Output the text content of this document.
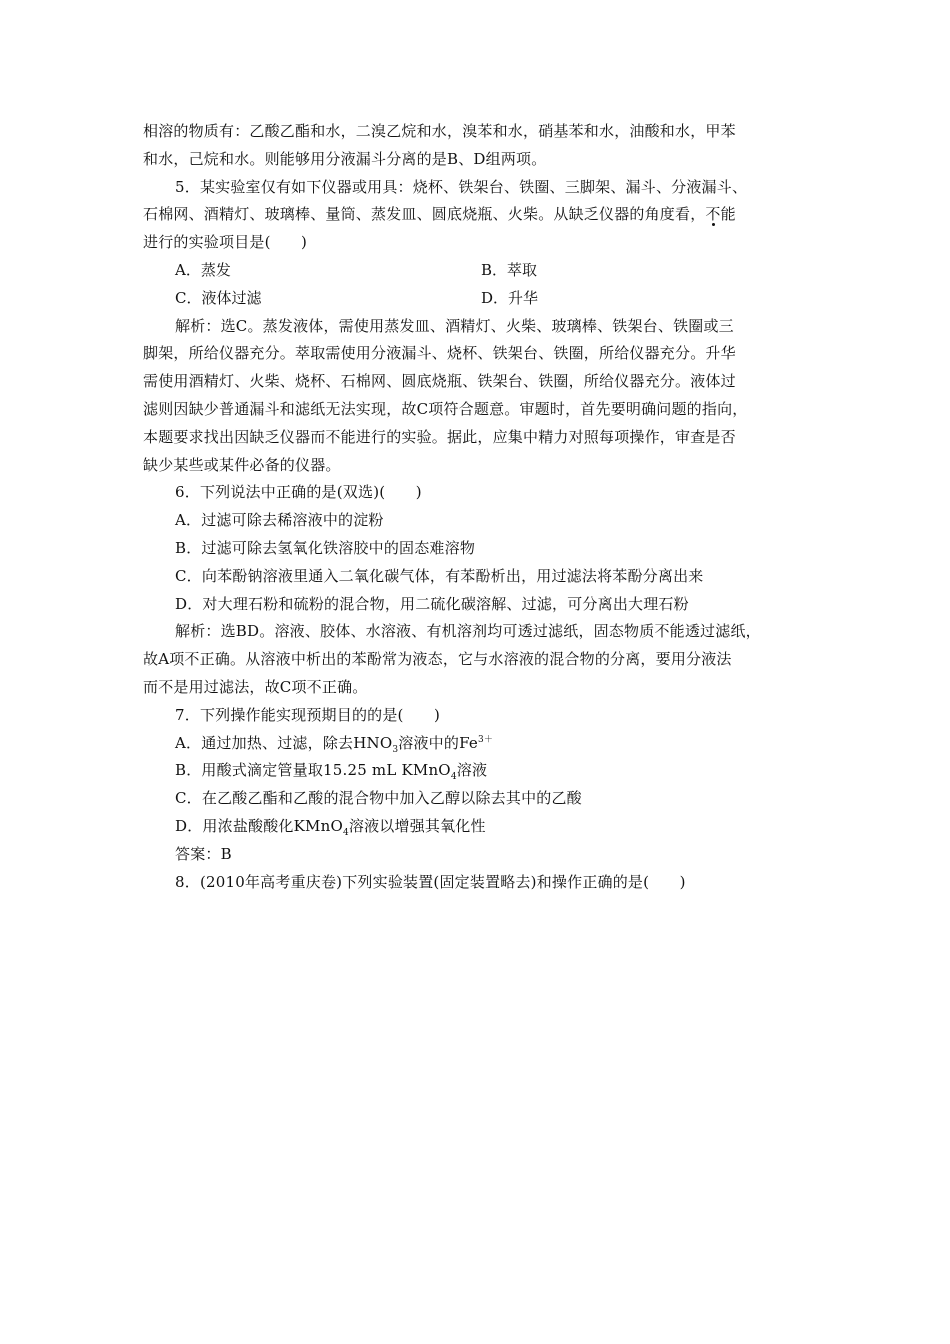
相溶的物质有：乙酸乙酯和水，二溴乙烷和水，溴苯和水，硝基苯和水，油酸和水，甲苯
和水，己烷和水。则能够用分液漏斗分离的是B、D组两项。
5．某实验室仅有如下仪器或用具：烧杯、铁架台、铁圈、三脚架、漏斗、分液漏斗、
石棉网、酒精灯、玻璃棒、量筒、蒸发皿、圆底烧瓶、火柴。从缺乏仪器的角度看，不能
进行的实验项目是(　　)
A．蒸发	B．萃取
C．液体过滤	D．升华
解析：选C。蒸发液体，需使用蒸发皿、酒精灯、火柴、玻璃棒、铁架台、铁圈或三
脚架，所给仪器充分。萃取需使用分液漏斗、烧杯、铁架台、铁圈，所给仪器充分。升华
需使用酒精灯、火柴、烧杯、石棉网、圆底烧瓶、铁架台、铁圈，所给仪器充分。液体过
滤则因缺少普通漏斗和滤纸无法实现，故C项符合题意。审题时，首先要明确问题的指向，
本题要求找出因缺乏仪器而不能进行的实验。据此，应集中精力对照每项操作，审查是否
缺少某些或某件必备的仪器。
6．下列说法中正确的是(双选)(　　)
A．过滤可除去稀溶液中的淀粉
B．过滤可除去氢氧化铁溶胶中的固态难溶物
C．向苯酚钠溶液里通入二氧化碳气体，有苯酚析出，用过滤法将苯酚分离出来
D．对大理石粉和硫粉的混合物，用二硫化碳溶解、过滤，可分离出大理石粉
解析：选BD。溶液、胶体、水溶液、有机溶剂均可透过滤纸，固态物质不能透过滤纸，
故A项不正确。从溶液中析出的苯酚常为液态，它与水溶液的混合物的分离，要用分液法
而不是用过滤法，故C项不正确。
7．下列操作能实现预期目的的是(　　)
A．通过加热、过滤，除去$HNO_3$溶液中的$Fe^{3+}$
B．用酸式滴定管量取15.25 mL KMnO$_4$溶液
C．在乙酸乙酯和乙酸的混合物中加入乙醇以除去其中的乙酸
D．用浓盐酸酸化KMnO$_4$溶液以增强其氧化性
答案：B
8．(2010年高考重庆卷)下列实验装置(固定装置略去)和操作正确的是(　　)
